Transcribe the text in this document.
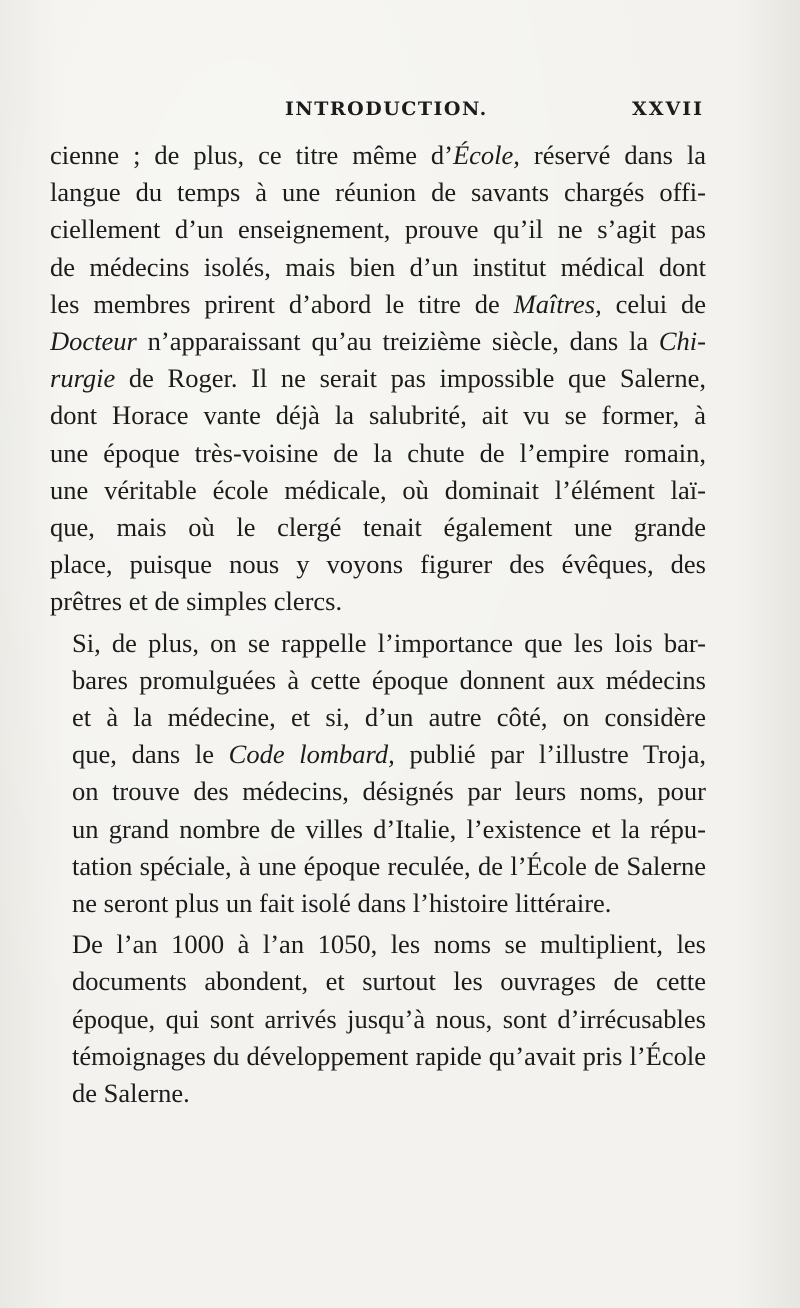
INTRODUCTION.	XXVII

cienne ; de plus, ce titre même d’École, réservé dans la
langue du temps à une réunion de savants chargés offi-
ciellement d’un enseignement, prouve qu’il ne s’agit pas
de médecins isolés, mais bien d’un institut médical dont
les membres prirent d’abord le titre de Maîtres, celui de
Docteur n’apparaissant qu’au treizième siècle, dans la Chi-
rurgie de Roger. Il ne serait pas impossible que Salerne,
dont Horace vante déjà la salubrité, ait vu se former, à
une époque très-voisine de la chute de l’empire romain,
une véritable école médicale, où dominait l’élément laï-
que, mais où le clergé tenait également une grande
place, puisque nous y voyons figurer des évêques, des
prêtres et de simples clercs.

Si, de plus, on se rappelle l’importance que les lois bar-
bares promulguées à cette époque donnent aux médecins
et à la médecine, et si, d’un autre côté, on considère
que, dans le Code lombard, publié par l’illustre Troja,
on trouve des médecins, désignés par leurs noms, pour
un grand nombre de villes d’Italie, l’existence et la répu-
tation spéciale, à une époque reculée, de l’École de Salerne
ne seront plus un fait isolé dans l’histoire littéraire.

De l’an 1000 à l’an 1050, les noms se multiplient, les
documents abondent, et surtout les ouvrages de cette
époque, qui sont arrivés jusqu’à nous, sont d’irrécusables
témoignages du développement rapide qu’avait pris l’École
de Salerne.
